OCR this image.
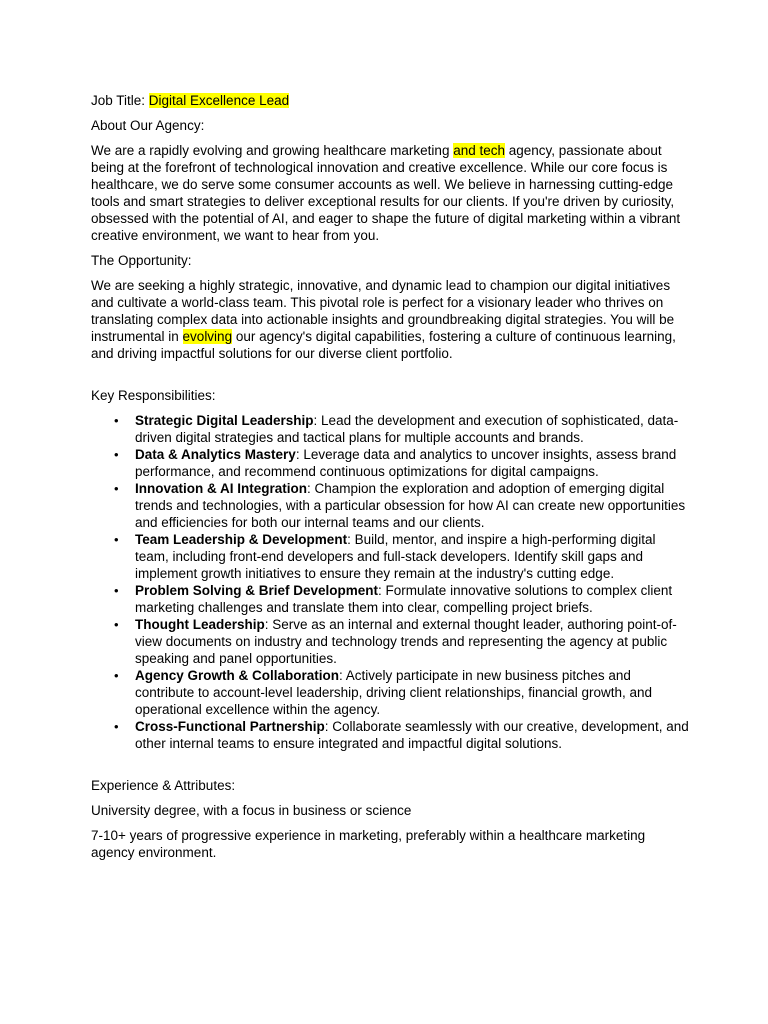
Job Title: Digital Excellence Lead

About Our Agency:

We are a rapidly evolving and growing healthcare marketing and tech agency, passionate about being at the forefront of technological innovation and creative excellence. While our core focus is healthcare, we do serve some consumer accounts as well. We believe in harnessing cutting-edge tools and smart strategies to deliver exceptional results for our clients. If you're driven by curiosity, obsessed with the potential of AI, and eager to shape the future of digital marketing within a vibrant creative environment, we want to hear from you.

The Opportunity:

We are seeking a highly strategic, innovative, and dynamic lead to champion our digital initiatives and cultivate a world-class team. This pivotal role is perfect for a visionary leader who thrives on translating complex data into actionable insights and groundbreaking digital strategies. You will be instrumental in evolving our agency's digital capabilities, fostering a culture of continuous learning, and driving impactful solutions for our diverse client portfolio.

Key Responsibilities:

• Strategic Digital Leadership: Lead the development and execution of sophisticated, data-driven digital strategies and tactical plans for multiple accounts and brands.
• Data & Analytics Mastery: Leverage data and analytics to uncover insights, assess brand performance, and recommend continuous optimizations for digital campaigns.
• Innovation & AI Integration: Champion the exploration and adoption of emerging digital trends and technologies, with a particular obsession for how AI can create new opportunities and efficiencies for both our internal teams and our clients.
• Team Leadership & Development: Build, mentor, and inspire a high-performing digital team, including front-end developers and full-stack developers. Identify skill gaps and implement growth initiatives to ensure they remain at the industry's cutting edge.
• Problem Solving & Brief Development: Formulate innovative solutions to complex client marketing challenges and translate them into clear, compelling project briefs.
• Thought Leadership: Serve as an internal and external thought leader, authoring point-of-view documents on industry and technology trends and representing the agency at public speaking and panel opportunities.
• Agency Growth & Collaboration: Actively participate in new business pitches and contribute to account-level leadership, driving client relationships, financial growth, and operational excellence within the agency.
• Cross-Functional Partnership: Collaborate seamlessly with our creative, development, and other internal teams to ensure integrated and impactful digital solutions.

Experience & Attributes:

University degree, with a focus in business or science

7-10+ years of progressive experience in marketing, preferably within a healthcare marketing agency environment.
